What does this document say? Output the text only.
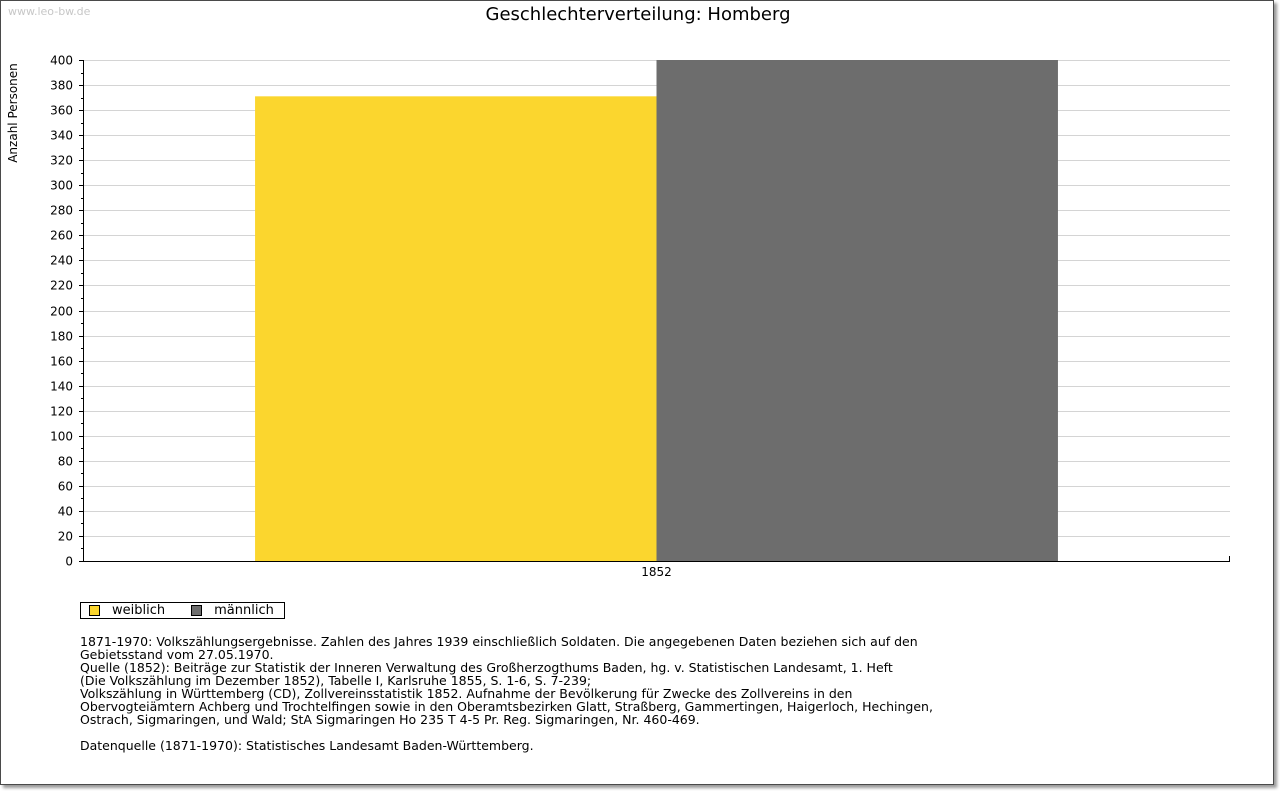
www.leo-bw.de	Geschlechterverteilung: Homberg
Anzahl Personen
0
20
40
60
80
100
120
140
160
180
200
220
240
260
280
300
320
340
360
380
400
1852
weiblich	männlich

1871-1970: Volkszählungsergebnisse. Zahlen des Jahres 1939 einschließlich Soldaten. Die angegebenen Daten beziehen sich auf den

Gebietsstand vom 27.05.1970.

Quelle (1852): Beiträge zur Statistik der Inneren Verwaltung des Großherzogthums Baden, hg. v. Statistischen Landesamt, 1. Heft

(Die Volkszählung im Dezember 1852), Tabelle I, Karlsruhe 1855, S. 1-6, S. 7-239;

Volkszählung in Württemberg (CD), Zollvereinsstatistik 1852. Aufnahme der Bevölkerung für Zwecke des Zollvereins in den

Obervogteiämtern Achberg und Trochtelfingen sowie in den Oberamtsbezirken Glatt, Straßberg, Gammertingen, Haigerloch, Hechingen,

Ostrach, Sigmaringen, und Wald; StA Sigmaringen Ho 235 T 4-5 Pr. Reg. Sigmaringen, Nr. 460-469.

Datenquelle (1871-1970): Statistisches Landesamt Baden-Württemberg.
